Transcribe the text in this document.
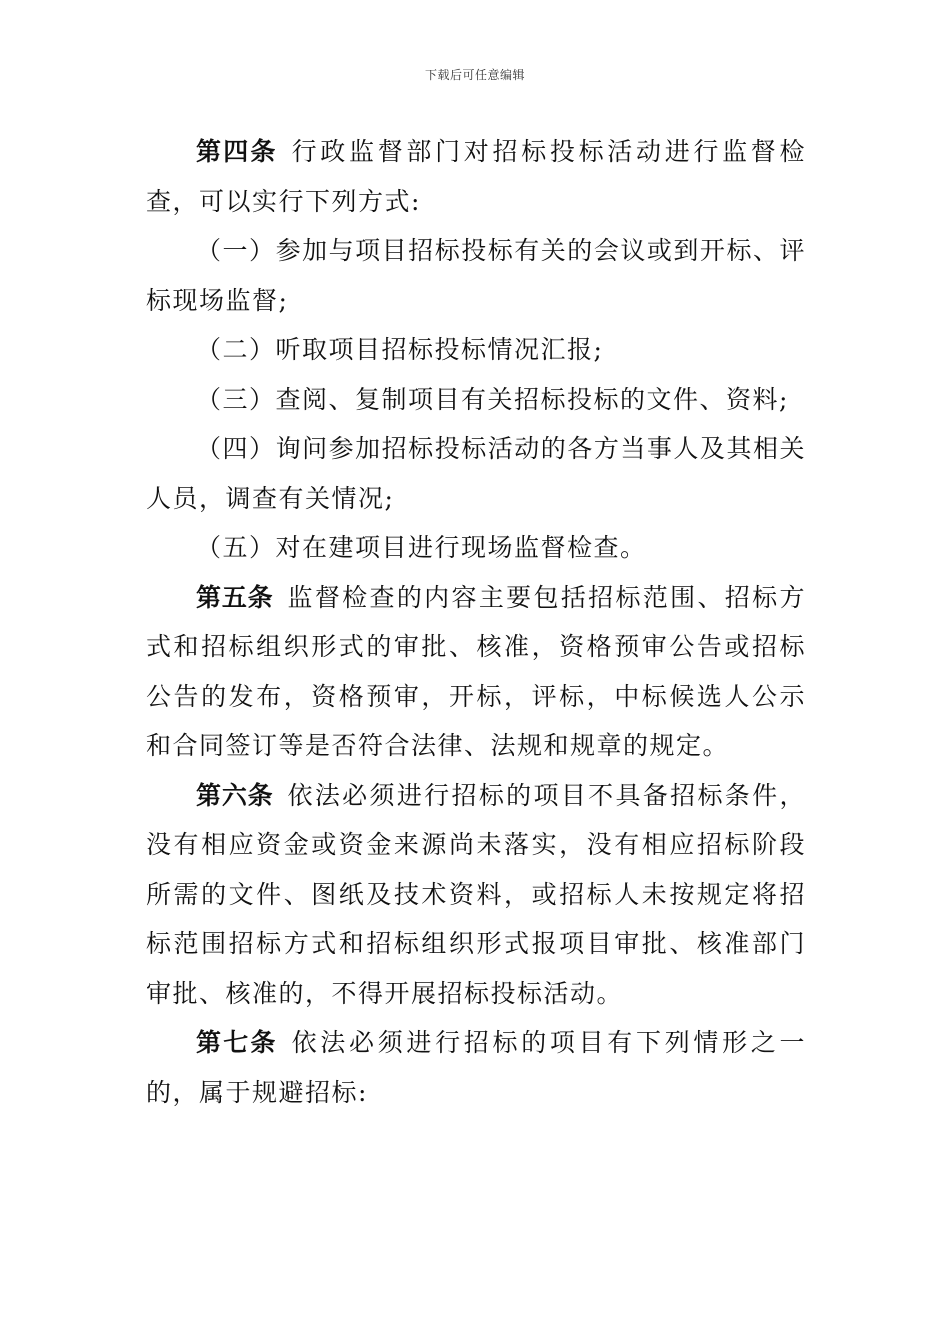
下载后可任意编辑

第四条 行政监督部门对招标投标活动进行监督检查，可以实行下列方式:

（一）参加与项目招标投标有关的会议或到开标、评标现场监督;

（二）听取项目招标投标情况汇报;

（三）查阅、复制项目有关招标投标的文件、资料;

（四）询问参加招标投标活动的各方当事人及其相关人员，调查有关情况;

（五）对在建项目进行现场监督检查。

第五条 监督检查的内容主要包括招标范围、招标方式和招标组织形式的审批、核准，资格预审公告或招标公告的发布，资格预审，开标，评标，中标候选人公示和合同签订等是否符合法律、法规和规章的规定。

第六条 依法必须进行招标的项目不具备招标条件，没有相应资金或资金来源尚未落实，没有相应招标阶段所需的文件、图纸及技术资料，或招标人未按规定将招标范围招标方式和招标组织形式报项目审批、核准部门审批、核准的，不得开展招标投标活动。

第七条 依法必须进行招标的项目有下列情形之一的，属于规避招标:
